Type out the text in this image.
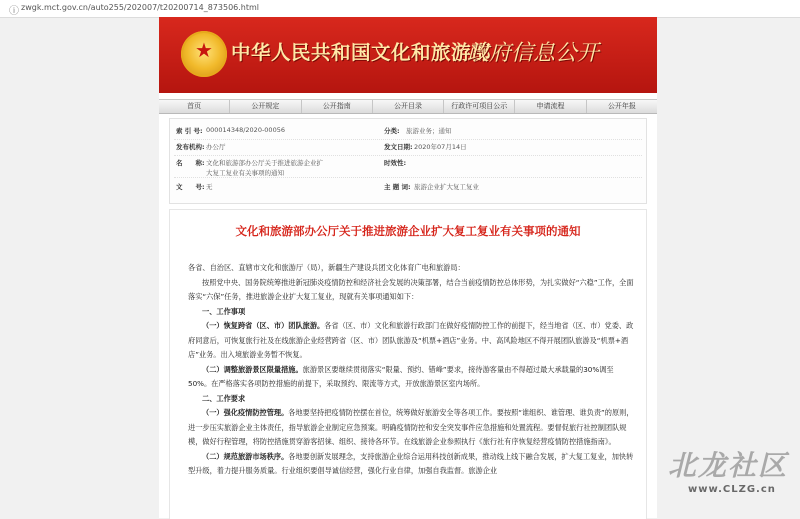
ⓘ zwgk.mct.gov.cn/auto255/202007/t20200714_873506.html
★ 中华人民共和国文化和旅游部
政府信息公开
首页	公开规定	公开指南	公开目录	行政许可项目公示	申请流程	公开年报
索 引 号: 000014348/2020-00056	分类: 旅游业务；通知
发布机构: 办公厅	发文日期: 2020年07月14日
名　　称: 文化和旅游部办公厅关于推进旅游企业扩大复工复业有关事项的通知
时效性:
文　　号: 无	主 题 词: 旅游企业扩大复工复业
文化和旅游部办公厅关于推进旅游企业扩大复工复业有关事项的通知

各省、自治区、直辖市文化和旅游厅（局），新疆生产建设兵团文化体育广电和旅游局：

按照党中央、国务院统筹推进新冠肺炎疫情防控和经济社会发展的决策部署，结合当前疫情防控总体形势，为扎实做好“六稳”工作，全面落实“六保”任务，推进旅游企业扩大复工复业，现就有关事项通知如下：

一、工作事项

（一）恢复跨省（区、市）团队旅游。各省（区、市）文化和旅游行政部门在做好疫情防控工作的前提下，经当地省（区、市）党委、政府同意后，可恢复旅行社及在线旅游企业经营跨省（区、市）团队旅游及“机票+酒店”业务。中、高风险地区不得开展团队旅游及“机票+酒店”业务。出入境旅游业务暂不恢复。

（二）调整旅游景区限量措施。旅游景区要继续贯彻落实“限量、预约、错峰”要求，接待游客量由不得超过最大承载量的30%调至50%。在严格落实各项防控措施的前提下，采取预约、限流等方式，开放旅游景区室内场所。

二、工作要求

（一）强化疫情防控管理。各地要坚持把疫情防控摆在首位，统筹做好旅游安全等各项工作。要按照“谁组织、谁管理、谁负责”的原则，进一步压实旅游企业主体责任，指导旅游企业制定应急预案。明确疫情防控和安全突发事件应急措施和处置流程。要督促旅行社控制团队规模，做好行程管理，将防控措施贯穿游客招徕、组织、接待各环节。在线旅游企业参照执行《旅行社有序恢复经营疫情防控措施指南》。

（二）规范旅游市场秩序。各地要创新发展理念，支持旅游企业综合运用科技创新成果，推动线上线下融合发展，扩大复工复业，加快转型升级，着力提升服务质量。行业组织要倡导诚信经营，强化行业自律，加强自我监督。旅游企业	北龙社区
www.CLZG.cn
